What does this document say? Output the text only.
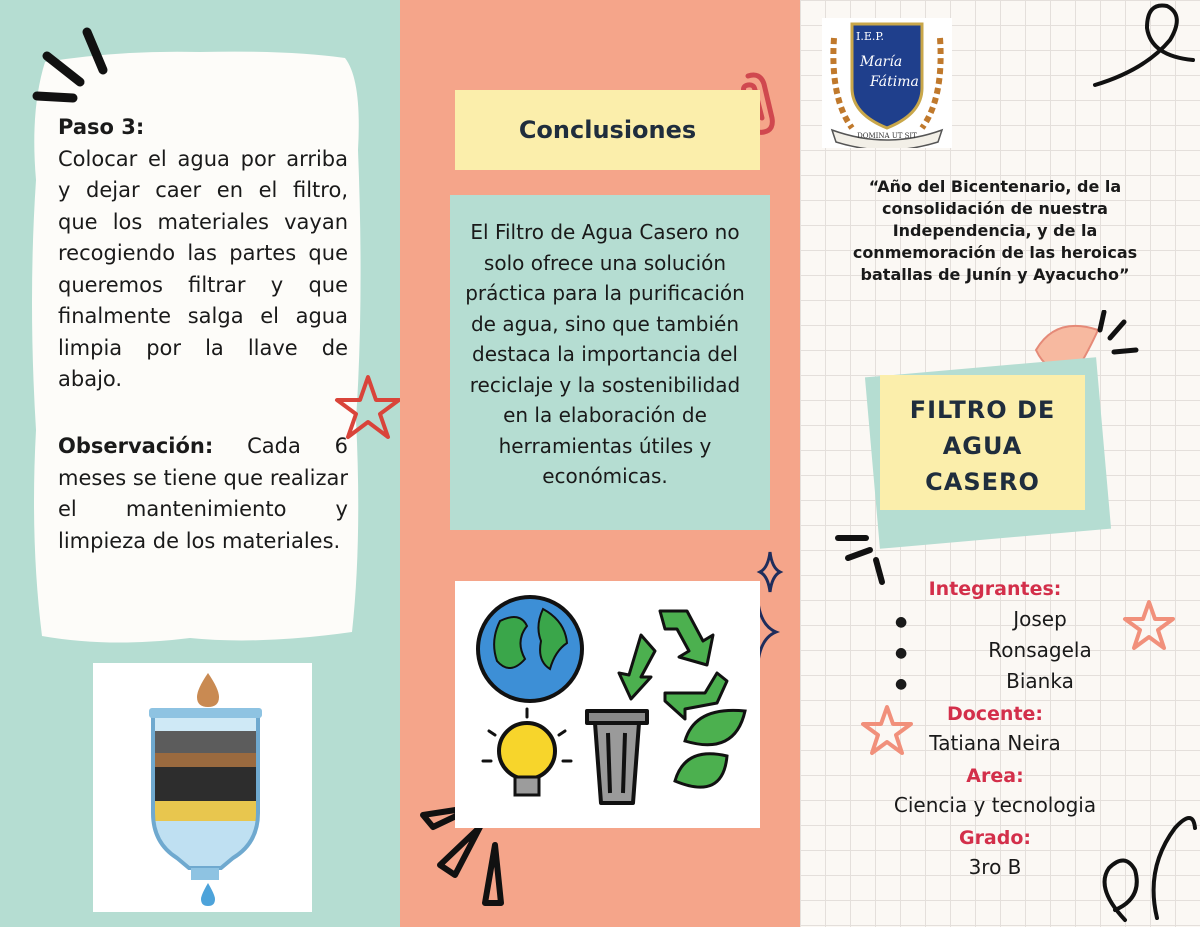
Paso 3:
Colocar el agua por arriba y dejar caer en el filtro, que los materiales vayan recogiendo las partes que queremos filtrar y que finalmente salga el agua limpia por la llave de abajo.
Observación: Cada 6 meses se tiene que realizar el mantenimiento y limpieza de los materiales.
Conclusiones
El Filtro de Agua Casero no solo ofrece una solución práctica para la purificación de agua, sino que también destaca la importancia del reciclaje y la sostenibilidad en la elaboración de herramientas útiles y económicas.
I.E.P.
María
Fátima
DOMINA UT SIT
“Año del Bicentenario, de la consolidación de nuestra Independencia, y de la conmemoración de las heroicas batallas de Junín y Ayacucho”
FILTRO DE
AGUA
CASERO
Integrantes:
●	Josep
●	Ronsagela
●	Bianka
Docente:
Tatiana Neira
Area:
Ciencia y tecnologia
Grado:
3ro B
